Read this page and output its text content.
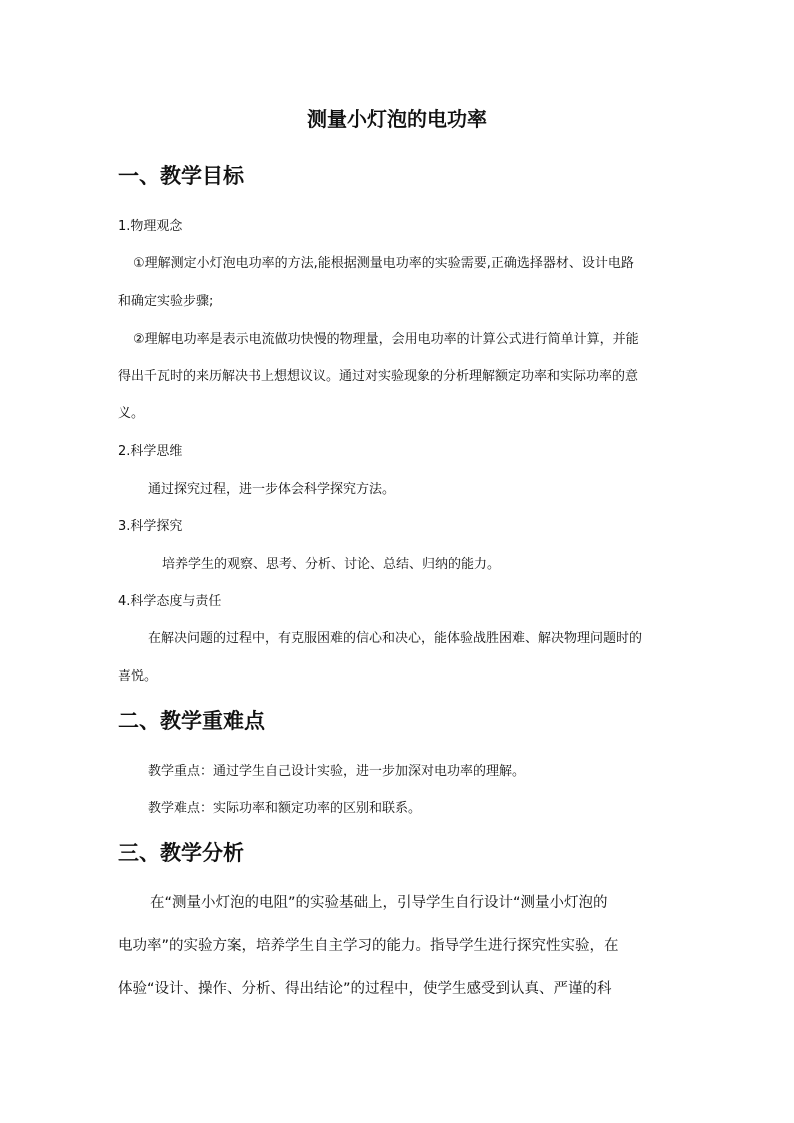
测量小灯泡的电功率
一、教学目标
1.物理观念
①理解测定小灯泡电功率的方法,能根据测量电功率的实验需要,正确选择器材、设计电路
和确定实验步骤;
②理解电功率是表示电流做功快慢的物理量，会用电功率的计算公式进行简单计算，并能
得出千瓦时的来历解决书上想想议议。通过对实验现象的分析理解额定功率和实际功率的意
义。
2.科学思维
通过探究过程，进一步体会科学探究方法。
3.科学探究
培养学生的观察、思考、分析、讨论、总结、归纳的能力。
4.科学态度与责任
在解决问题的过程中，有克服困难的信心和决心，能体验战胜困难、解决物理问题时的
喜悦。
二、教学重难点
教学重点：通过学生自己设计实验，进一步加深对电功率的理解。
教学难点：实际功率和额定功率的区别和联系。
三、教学分析
在“测量小灯泡的电阻”的实验基础上，引导学生自行设计“测量小灯泡的
电功率”的实验方案，培养学生自主学习的能力。指导学生进行探究性实验，在
体验“设计、操作、分析、得出结论”的过程中，使学生感受到认真、严谨的科
